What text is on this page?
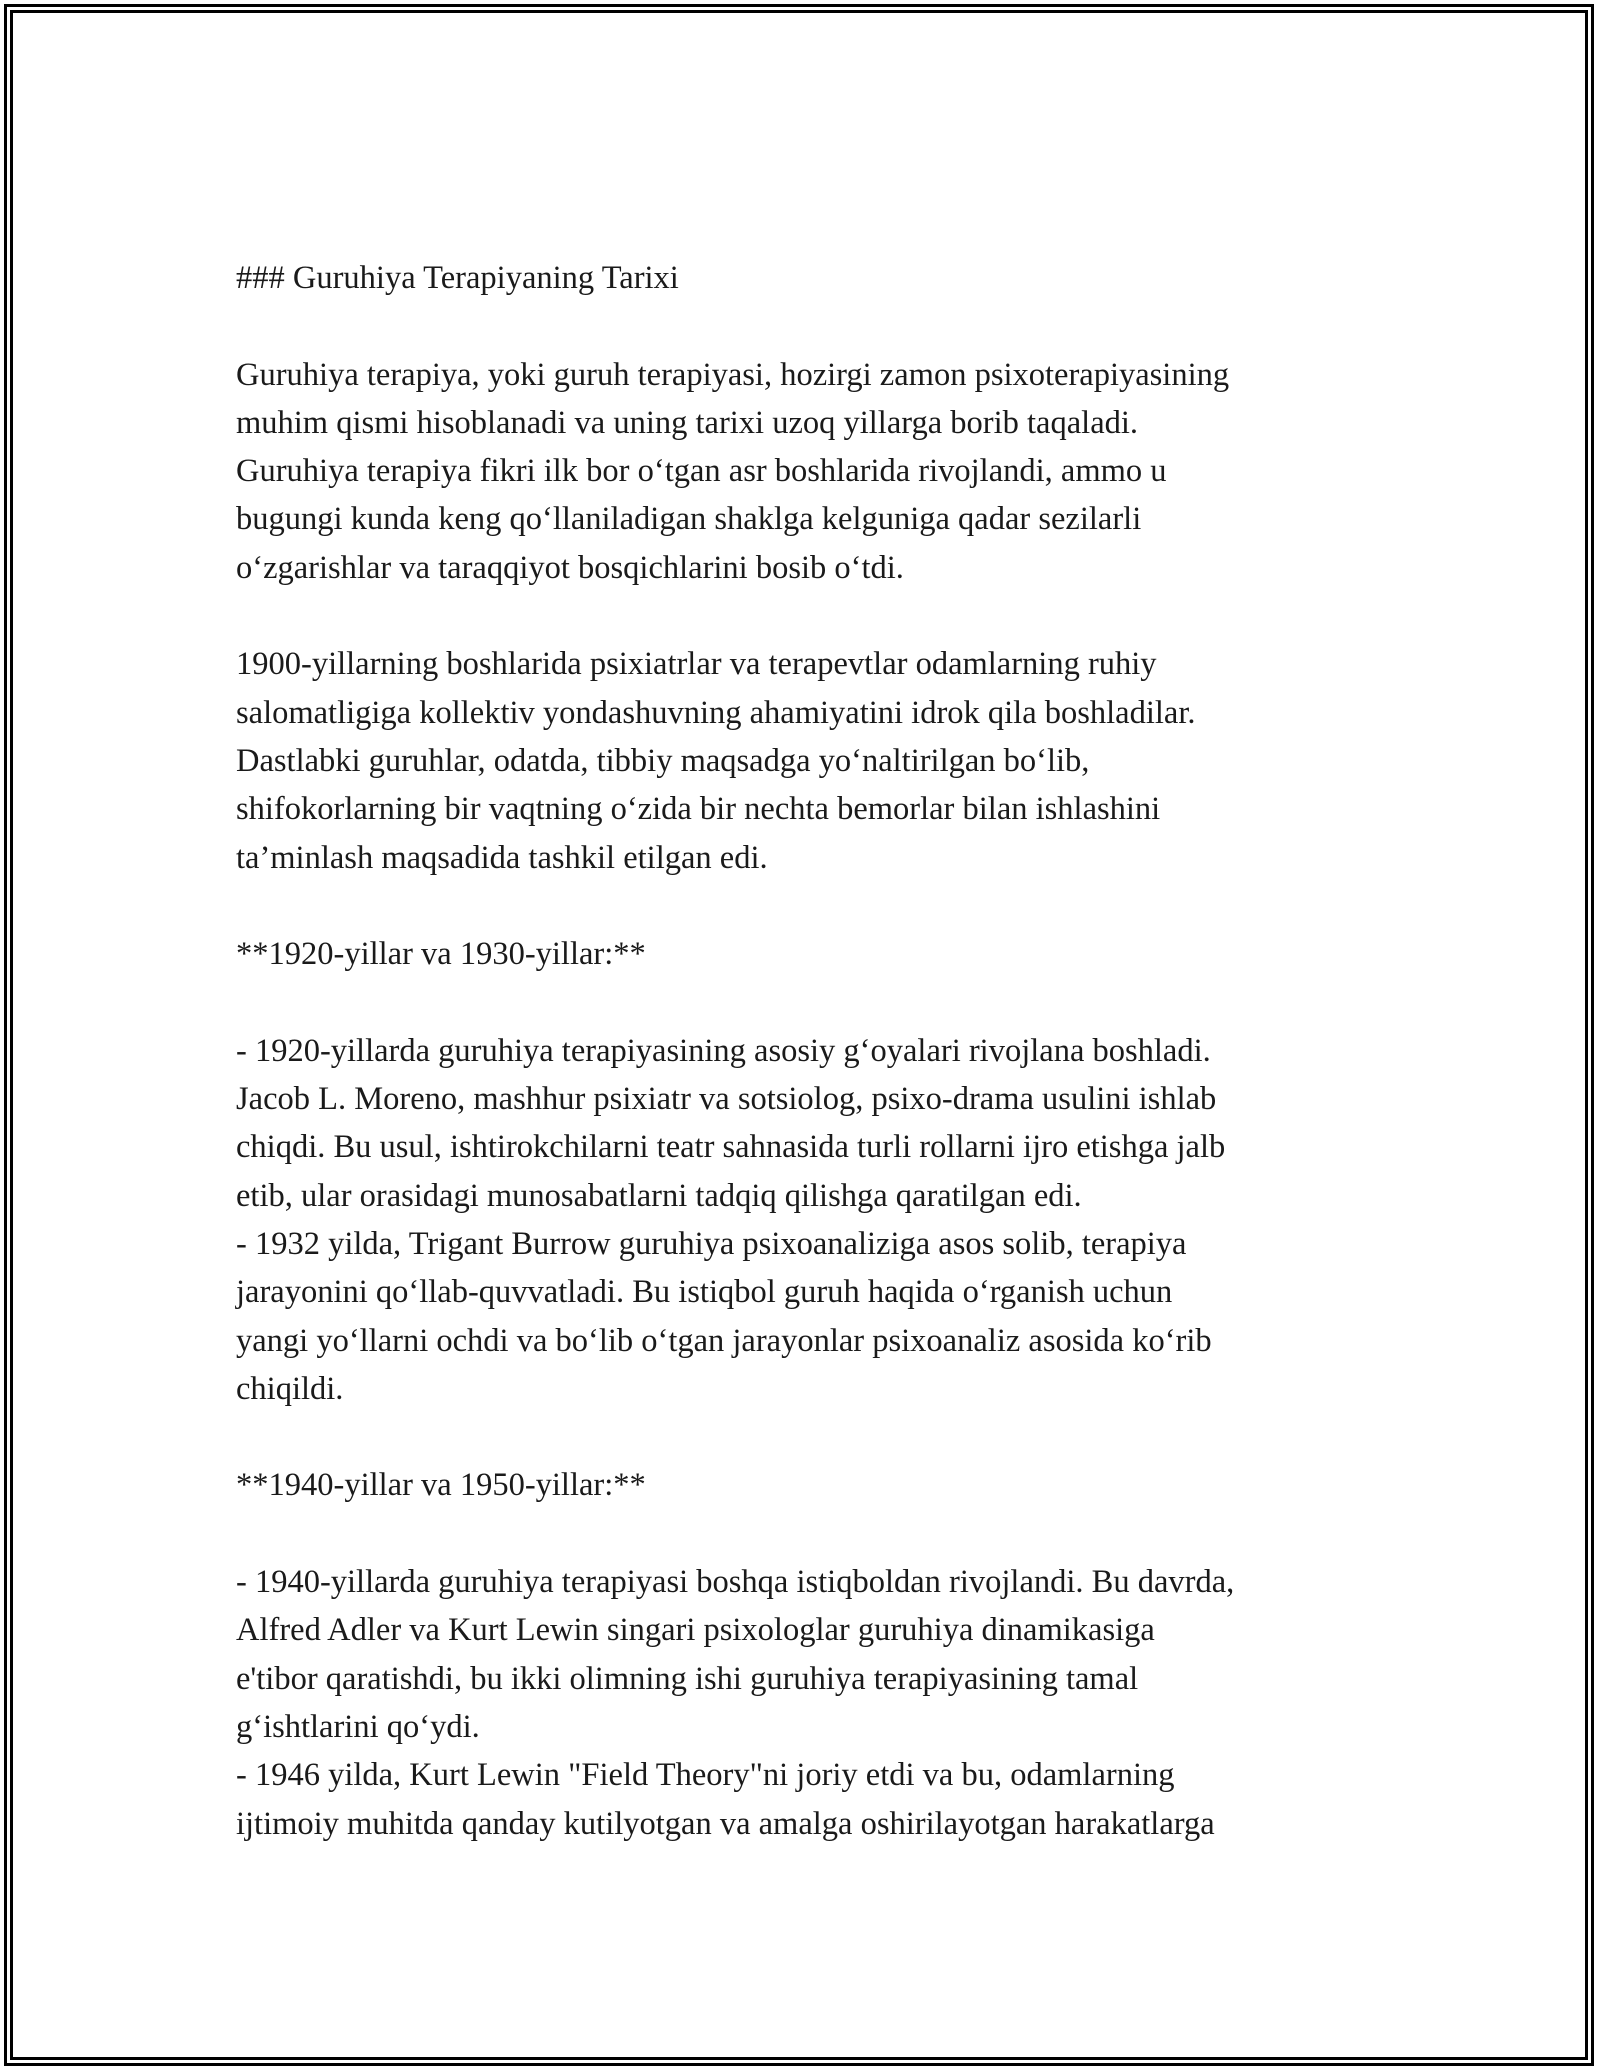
### Guruhiya Terapiyaning Tarixi
Guruhiya terapiya, yoki guruh terapiyasi, hozirgi zamon psixoterapiyasining
muhim qismi hisoblanadi va uning tarixi uzoq yillarga borib taqaladi.
Guruhiya terapiya fikri ilk bor o‘tgan asr boshlarida rivojlandi, ammo u
bugungi kunda keng qo‘llaniladigan shaklga kelguniga qadar sezilarli
o‘zgarishlar va taraqqiyot bosqichlarini bosib o‘tdi.
1900-yillarning boshlarida psixiatrlar va terapevtlar odamlarning ruhiy
salomatligiga kollektiv yondashuvning ahamiyatini idrok qila boshladilar.
Dastlabki guruhlar, odatda, tibbiy maqsadga yo‘naltirilgan bo‘lib,
shifokorlarning bir vaqtning o‘zida bir nechta bemorlar bilan ishlashini
ta’minlash maqsadida tashkil etilgan edi.
**1920-yillar va 1930-yillar:**
- 1920-yillarda guruhiya terapiyasining asosiy g‘oyalari rivojlana boshladi.
Jacob L. Moreno, mashhur psixiatr va sotsiolog, psixo-drama usulini ishlab
chiqdi. Bu usul, ishtirokchilarni teatr sahnasida turli rollarni ijro etishga jalb
etib, ular orasidagi munosabatlarni tadqiq qilishga qaratilgan edi.
- 1932 yilda, Trigant Burrow guruhiya psixoanaliziga asos solib, terapiya
jarayonini qo‘llab-quvvatladi. Bu istiqbol guruh haqida o‘rganish uchun
yangi yo‘llarni ochdi va bo‘lib o‘tgan jarayonlar psixoanaliz asosida ko‘rib
chiqildi.
**1940-yillar va 1950-yillar:**
- 1940-yillarda guruhiya terapiyasi boshqa istiqboldan rivojlandi. Bu davrda,
Alfred Adler va Kurt Lewin singari psixologlar guruhiya dinamikasiga
e'tibor qaratishdi, bu ikki olimning ishi guruhiya terapiyasining tamal
g‘ishtlarini qo‘ydi.
- 1946 yilda, Kurt Lewin "Field Theory"ni joriy etdi va bu, odamlarning
ijtimoiy muhitda qanday kutilyotgan va amalga oshirilayotgan harakatlarga
